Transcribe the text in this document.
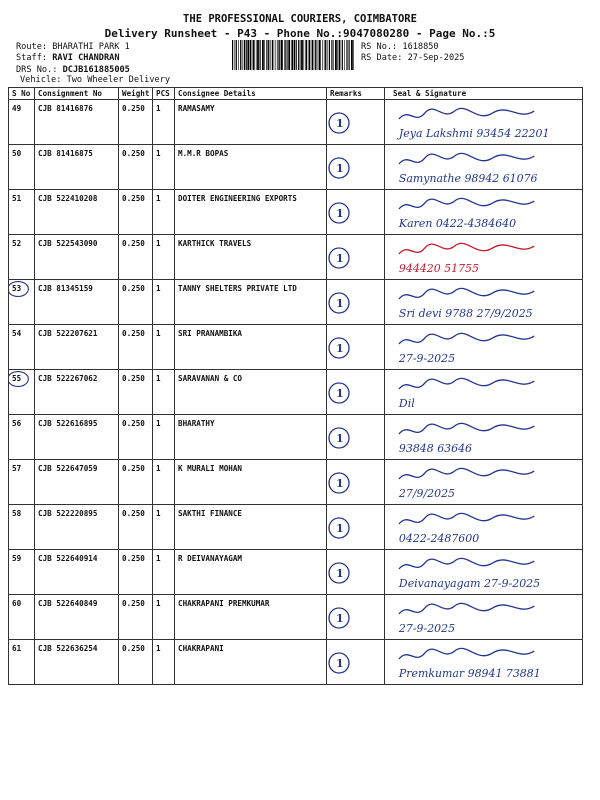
THE PROFESSIONAL COURIERS, COIMBATORE
Delivery Runsheet - P43 - Phone No.:9047080280 - Page No.:5
Route: BHARATHI PARK 1
Staff: RAVI CHANDRAN
DRS No.: DCJB161885005
Vehicle: Two Wheeler Delivery
RS No.: 1618850
RS Date: 27-Sep-2025
S No	Consignment No	Weight	PCS	Consignee Details	Remarks	Seal & Signature
49	CJB 81416876	0.250	1	RAMASAMY	1	Jeya Lakshmi 93454 22201

50	CJB 81416875	0.250	1	M.M.R BOPAS	1	Samynathe 98942 61076

51	CJB 522410208	0.250	1	DOITER ENGINEERING EXPORTS	1	Karen 0422-4384640

52	CJB 522543090	0.250	1	KARTHICK TRAVELS	1	944420 51755

53	CJB 81345159	0.250	1	TANNY SHELTERS PRIVATE LTD	1	Sri devi 9788 27/9/2025

54	CJB 522207621	0.250	1	SRI PRANAMBIKA	1	27-9-2025

55	CJB 522267062	0.250	1	SARAVANAN & CO	1	Dil

56	CJB 522616895	0.250	1	BHARATHY	1	93848 63646

57	CJB 522647059	0.250	1	K MURALI MOHAN	1	27/9/2025

58	CJB 522220895	0.250	1	SAKTHI FINANCE	1	0422-2487600

59	CJB 522640914	0.250	1	R DEIVANAYAGAM	1	Deivanayagam 27-9-2025

60	CJB 522640849	0.250	1	CHAKRAPANI PREMKUMAR	1	27-9-2025

61	CJB 522636254	0.250	1	CHAKRAPANI	1	Premkumar 98941 73881
